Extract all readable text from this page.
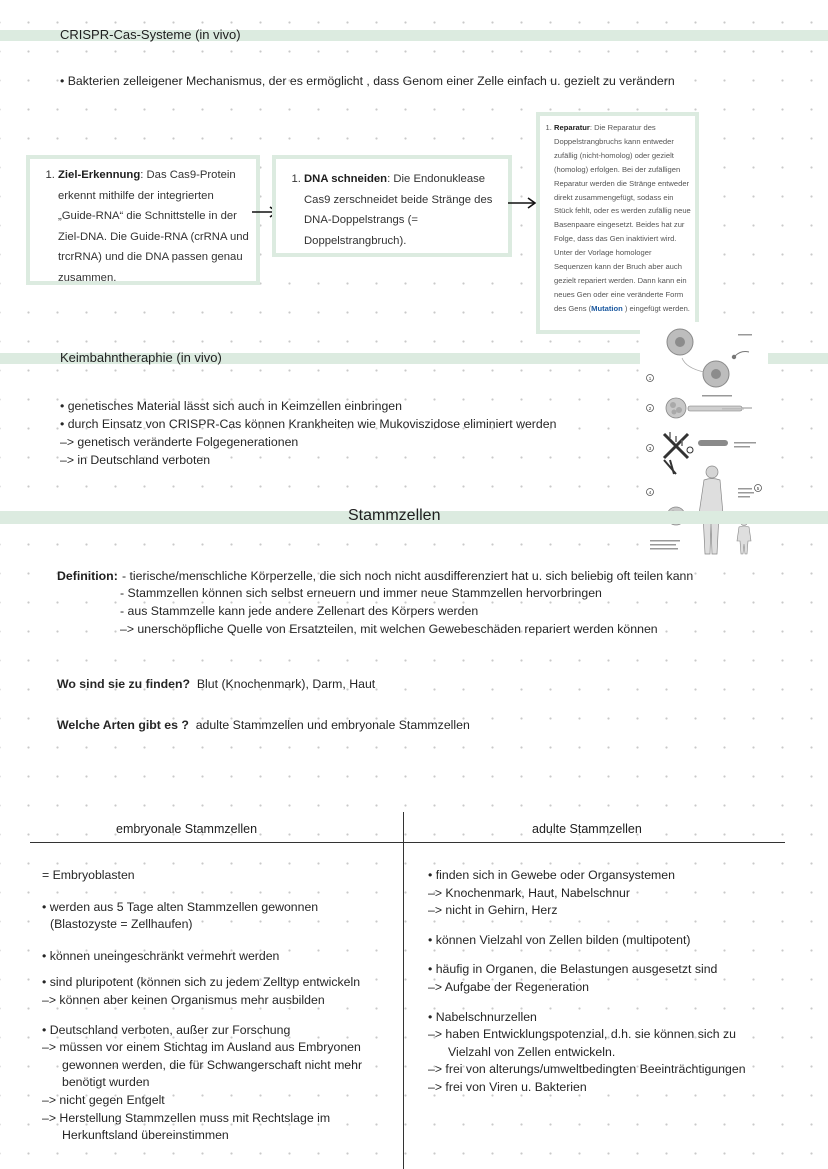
CRISPR-Cas-Systeme (in vivo)
• Bakterien zelleigener Mechanismus, der es ermöglicht , dass Genom einer Zelle einfach u. gezielt zu verändern
1. Ziel-Erkennung: Das Cas9-Protein erkennt mithilfe der integrierten „Guide-RNA“ die Schnittstelle in der Ziel-DNA. Die Guide-RNA (crRNA und trcrRNA) und die DNA passen genau zusammen.
1. DNA schneiden: Die Endonuklease Cas9 zerschneidet beide Stränge des DNA-Doppelstrangs (= Doppelstrangbruch).
1. Reparatur: Die Reparatur des Doppelstrangbruchs kann entweder zufällig (nicht-homolog) oder gezielt (homolog) erfolgen. Bei der zufälligen Reparatur werden die Stränge entweder direkt zusammengefügt, sodass ein Stück fehlt, oder es werden zufällig neue Basenpaare eingesetzt. Beides hat zur Folge, dass das Gen inaktiviert wird. Unter der Vorlage homologer Sequenzen kann der Bruch aber auch gezielt repariert werden. Dann kann ein neues Gen oder eine veränderte Form des Gens (Mutation ) eingefügt werden.
Keimbahntheraphie (in vivo)
• genetisches Material lässt sich auch in Keimzellen einbringen
• durch Einsatz von CRISPR-Cas können Krankheiten wie Mukoviszidose eliminiert werden
–> genetisch veränderte Folgegenerationen
–> in Deutschland verboten
1
2
3
4
5
Stammzellen
Definition: - tierische/menschliche Körperzelle, die sich noch nicht ausdifferenziert hat u. sich beliebig oft teilen kann
- Stammzellen können sich selbst erneuern und immer neue Stammzellen hervorbringen
- aus Stammzelle kann jede andere Zellenart des Körpers werden
–> unerschöpfliche Quelle von Ersatzteilen, mit welchen Gewebeschäden repariert werden können
Wo sind sie zu finden? Blut (Knochenmark), Darm, Haut
Welche Arten gibt es ? adulte Stammzellen und embryonale Stammzellen
embryonale Stammzellen	adulte Stammzellen

= Embryoblasten

• werden aus 5 Tage alten Stammzellen gewonnen

(Blastozyste = Zellhaufen)

• können uneingeschränkt vermehrt werden

• sind pluripotent (können sich zu jedem Zelltyp entwickeln

–> können aber keinen Organismus mehr ausbilden

• Deutschland verboten, außer zur Forschung

–> müssen vor einem Stichtag im Ausland aus Embryonen

gewonnen werden, die für Schwangerschaft nicht mehr

benötigt wurden

–> nicht gegen Entgelt

–> Herstellung Stammzellen muss mit Rechtslage im

Herkunftsland übereinstimmen

• finden sich in Gewebe oder Organsystemen

–> Knochenmark, Haut, Nabelschnur

–> nicht in Gehirn, Herz

• können Vielzahl von Zellen bilden (multipotent)

• häufig in Organen, die Belastungen ausgesetzt sind

–> Aufgabe der Regeneration

• Nabelschnurzellen

–> haben Entwicklungspotenzial, d.h. sie können sich zu

Vielzahl von Zellen entwickeln.

–> frei von alterungs/umweltbedingten Beeinträchtigungen

–> frei von Viren u. Bakterien
